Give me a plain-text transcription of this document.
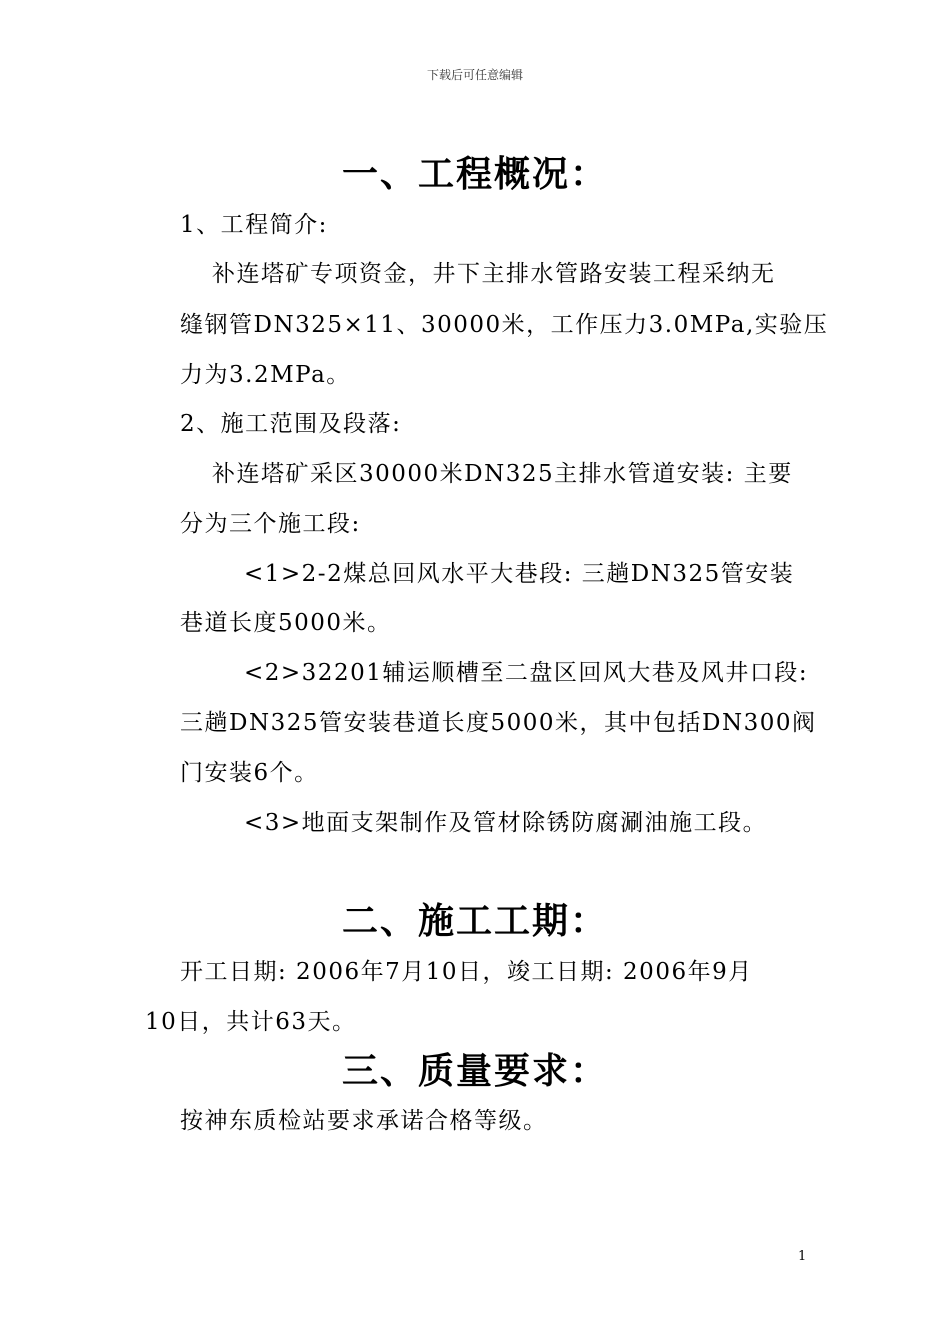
下载后可任意编辑
一、工程概况：
1、工程简介:
补连塔矿专项资金，井下主排水管路安装工程采纳无
缝钢管DN325×11、30000米，工作压力3.0MPa,实验压
力为3.2MPa。
2、施工范围及段落:
补连塔矿采区30000米DN325主排水管道安装: 主要
分为三个施工段:
<1>2-2煤总回风水平大巷段: 三趟DN325管安装
巷道长度5000米。
<2>32201辅运顺槽至二盘区回风大巷及风井口段:
三趟DN325管安装巷道长度5000米，其中包括DN300阀
门安装6个。
<3>地面支架制作及管材除锈防腐涮油施工段。
二、施工工期：
开工日期: 2006年7月10日，竣工日期: 2006年9月
10日，共计63天。
三、质量要求：
按神东质检站要求承诺合格等级。
1
